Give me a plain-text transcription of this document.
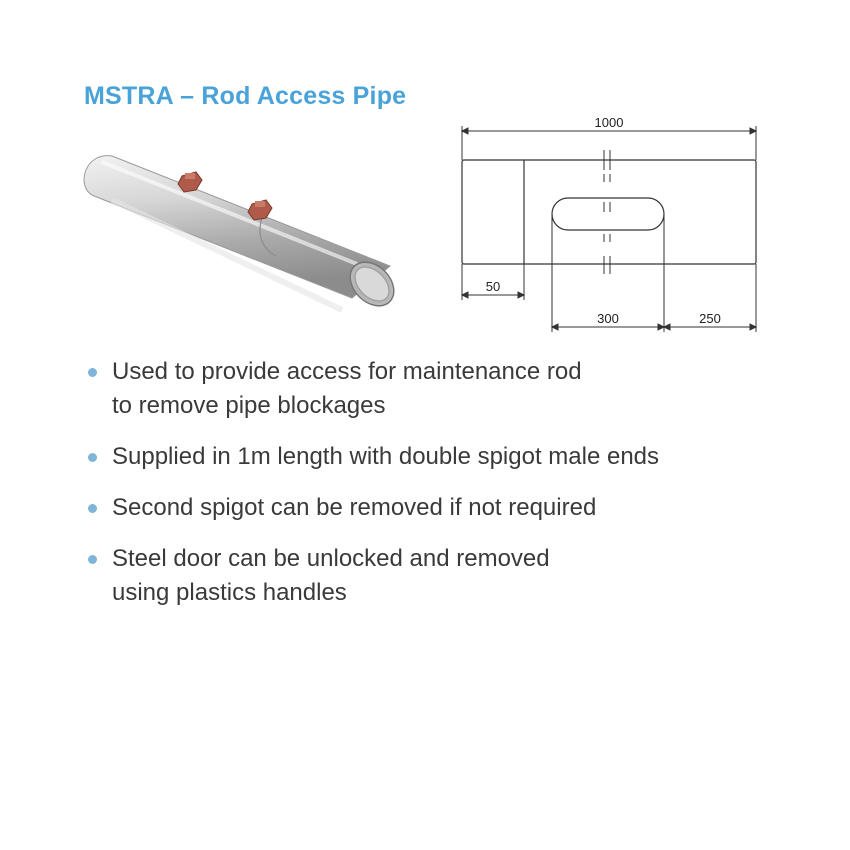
MSTRA – Rod Access Pipe
1000
50
300	250
Used to provide access for maintenance rod
to remove pipe blockages
Supplied in 1m length with double spigot male ends
Second spigot can be removed if not required
Steel door can be unlocked and removed
using plastics handles
